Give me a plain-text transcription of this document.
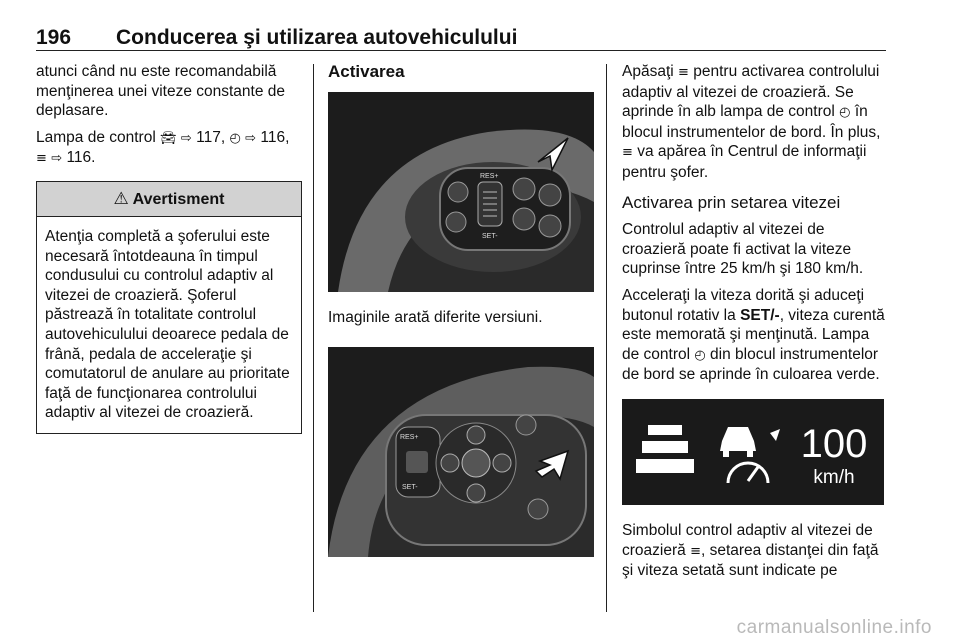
196 Conducerea şi utilizarea autovehiculului

atunci când nu este recomandabilă menţinerea unei viteze constante de deplasare.

Lampa de control 🚘︎ ⇨ 117, ◴ ⇨ 116,
≡ ⇨ 116.

⚠ Avertisment
Atenţia completă a şoferului este necesară întotdeauna în timpul condusului cu controlul adaptiv al vitezei de croazieră. Şoferul păstrează în totalitate controlul autovehiculului deoarece pedala de frână, pedala de acceleraţie şi comutatorul de anulare au prioritate faţă de funcţionarea controlului adaptiv al vitezei de croazieră.
Activarea
RES+
SET-

Imaginile arată diferite versiuni.

RES+
SET-

Apăsaţi ≡ pentru activarea controlului adaptiv al vitezei de croazieră. Se aprinde în alb lampa de control ◴ în blocul instrumentelor de bord. În plus, ≡ va apărea în Centrul de informaţii pentru şofer.

Activarea prin setarea vitezei

Controlul adaptiv al vitezei de croazieră poate fi activat la viteze cuprinse între 25 km/h şi 180 km/h.

Acceleraţi la viteza dorită şi aduceţi butonul rotativ la SET/-, viteza curentă este memorată şi menţinută. Lampa de control ◴ din blocul instrumentelor de bord se aprinde în culoarea verde.

100
km/h

Simbolul control adaptiv al vitezei de croazieră ≡, setarea distanţei din faţă şi viteza setată sunt indicate pe

carmanualsonline.info
